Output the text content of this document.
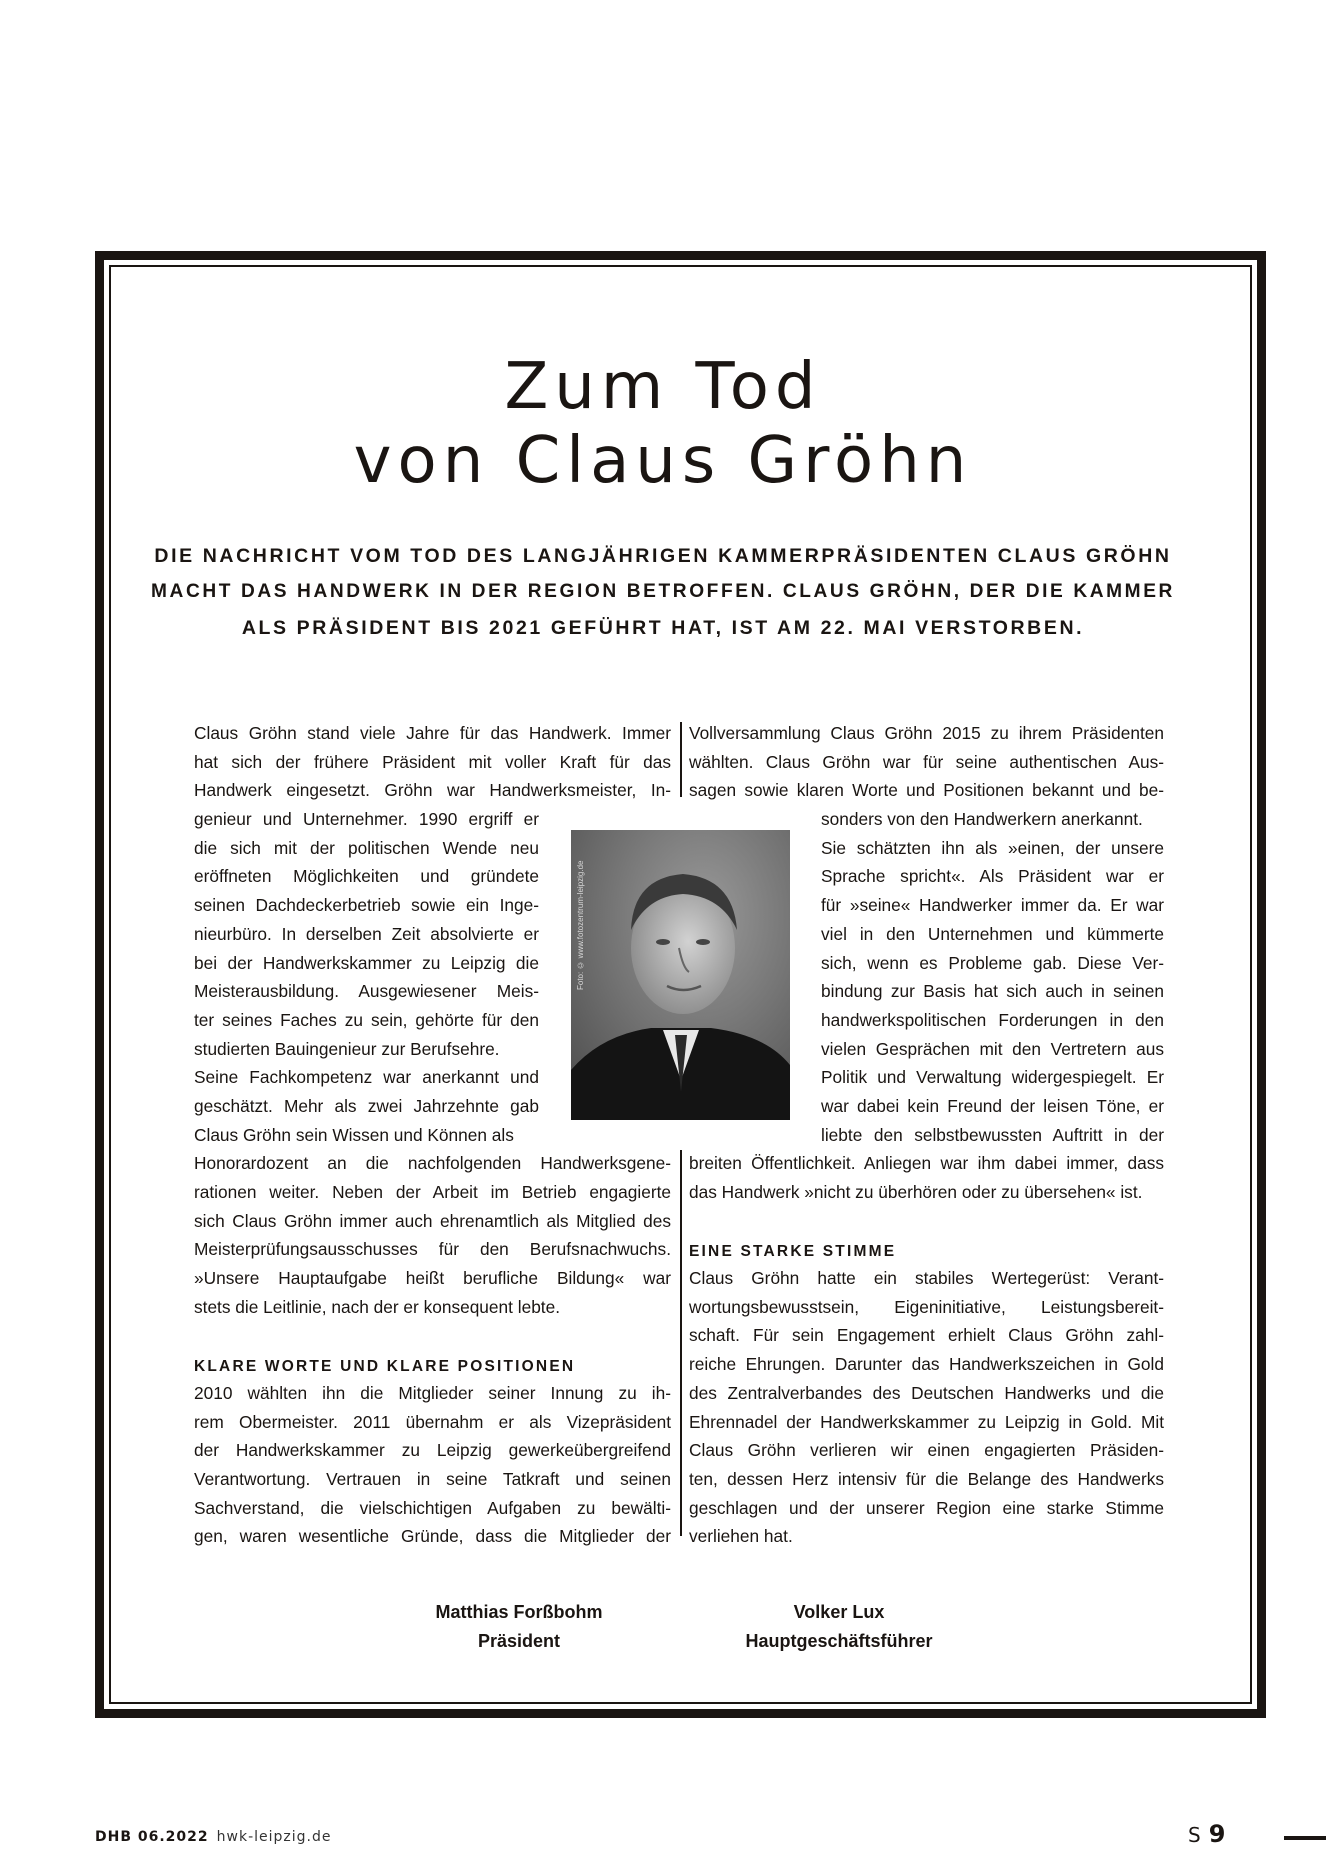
Zum Tod
von Claus Gröhn
DIE NACHRICHT VOM TOD DES LANGJÄHRIGEN KAMMERPRÄSIDENTEN CLAUS GRÖHN
MACHT DAS HANDWERK IN DER REGION BETROFFEN. CLAUS GRÖHN, DER DIE KAMMER
ALS PRÄSIDENT BIS 2021 GEFÜHRT HAT, IST AM 22. MAI VERSTORBEN.
Claus Gröhn stand viele Jahre für das Handwerk. Immer
hat sich der frühere Präsident mit voller Kraft für das
Handwerk eingesetzt. Gröhn war Handwerksmeister, In-
genieur und Unternehmer. 1990 ergriff er
die sich mit der politischen Wende neu
eröffneten Möglichkeiten und gründete
seinen Dachdeckerbetrieb sowie ein Inge-
nieurbüro. In derselben Zeit absolvierte er
bei der Handwerkskammer zu Leipzig die
Meisterausbildung. Ausgewiesener Meis-
ter seines Faches zu sein, gehörte für den
studierten Bauingenieur zur Berufsehre.
Seine Fachkompetenz war anerkannt und
geschätzt. Mehr als zwei Jahrzehnte gab
Claus Gröhn sein Wissen und Können als
Honorardozent an die nachfolgenden Handwerksgene-
rationen weiter. Neben der Arbeit im Betrieb engagierte
sich Claus Gröhn immer auch ehrenamtlich als Mitglied des
Meisterprüfungsausschusses für den Berufsnachwuchs.
»Unsere Hauptaufgabe heißt berufliche Bildung« war
stets die Leitlinie, nach der er konsequent lebte.
KLARE WORTE UND KLARE POSITIONEN
2010 wählten ihn die Mitglieder seiner Innung zu ih-
rem Obermeister. 2011 übernahm er als Vizepräsident
der Handwerkskammer zu Leipzig gewerkeübergreifend
Verantwortung. Vertrauen in seine Tatkraft und seinen
Sachverstand, die vielschichtigen Aufgaben zu bewälti-
gen, waren wesentliche Gründe, dass die Mitglieder der
Vollversammlung Claus Gröhn 2015 zu ihrem Präsidenten
wählten. Claus Gröhn war für seine authentischen Aus-
sagen sowie klaren Worte und Positionen bekannt und be-
sonders von den Handwerkern anerkannt.
Sie schätzten ihn als »einen, der unsere
Sprache spricht«. Als Präsident war er
für »seine« Handwerker immer da. Er war
viel in den Unternehmen und kümmerte
sich, wenn es Probleme gab. Diese Ver-
bindung zur Basis hat sich auch in seinen
handwerkspolitischen Forderungen in den
vielen Gesprächen mit den Vertretern aus
Politik und Verwaltung widergespiegelt. Er
war dabei kein Freund der leisen Töne, er
liebte den selbstbewussten Auftritt in der
breiten Öffentlichkeit. Anliegen war ihm dabei immer, dass
das Handwerk »nicht zu überhören oder zu übersehen« ist.
EINE STARKE STIMME
Claus Gröhn hatte ein stabiles Wertegerüst: Verant-
wortungsbewusstsein, Eigeninitiative, Leistungsbereit-
schaft. Für sein Engagement erhielt Claus Gröhn zahl-
reiche Ehrungen. Darunter das Handwerkszeichen in Gold
des Zentralverbandes des Deutschen Handwerks und die
Ehrennadel der Handwerkskammer zu Leipzig in Gold. Mit
Claus Gröhn verlieren wir einen engagierten Präsiden-
ten, dessen Herz intensiv für die Belange des Handwerks
geschlagen und der unserer Region eine starke Stimme
verliehen hat.
Foto: © www.fotozentrum-leipzig.de
Matthias Forßbohm
Präsident
Volker Lux
Hauptgeschäftsführer
DHB 06.2022 hwk-leipzig.de	S 9
